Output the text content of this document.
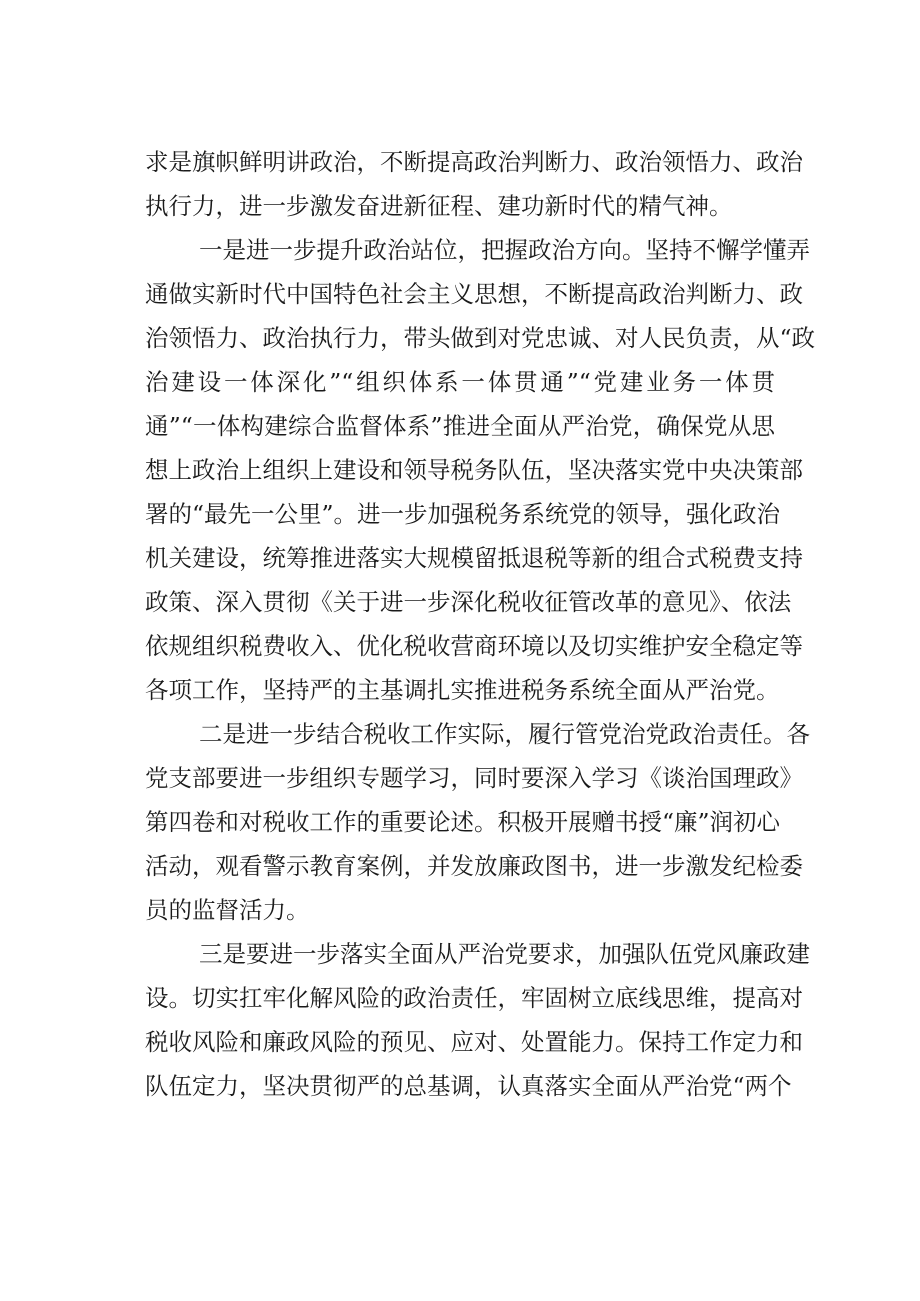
求是旗帜鲜明讲政治，不断提高政治判断力、政治领悟力、政治
执行力，进一步激发奋进新征程、建功新时代的精气神。
一是进一步提升政治站位，把握政治方向。坚持不懈学懂弄
通做实新时代中国特色社会主义思想，不断提高政治判断力、政
治领悟力、政治执行力，带头做到对党忠诚、对人民负责，从“政
治建设一体深化”“组织体系一体贯通”“党建业务一体贯
通”“一体构建综合监督体系”推进全面从严治党，确保党从思
想上政治上组织上建设和领导税务队伍，坚决落实党中央决策部
署的“最先一公里”。进一步加强税务系统党的领导，强化政治
机关建设，统筹推进落实大规模留抵退税等新的组合式税费支持
政策、深入贯彻《关于进一步深化税收征管改革的意见》、依法
依规组织税费收入、优化税收营商环境以及切实维护安全稳定等
各项工作，坚持严的主基调扎实推进税务系统全面从严治党。
二是进一步结合税收工作实际，履行管党治党政治责任。各
党支部要进一步组织专题学习，同时要深入学习《谈治国理政》
第四卷和对税收工作的重要论述。积极开展赠书授“廉”润初心
活动，观看警示教育案例，并发放廉政图书，进一步激发纪检委
员的监督活力。
三是要进一步落实全面从严治党要求，加强队伍党风廉政建
设。切实扛牢化解风险的政治责任，牢固树立底线思维，提高对
税收风险和廉政风险的预见、应对、处置能力。保持工作定力和
队伍定力，坚决贯彻严的总基调，认真落实全面从严治党“两个
